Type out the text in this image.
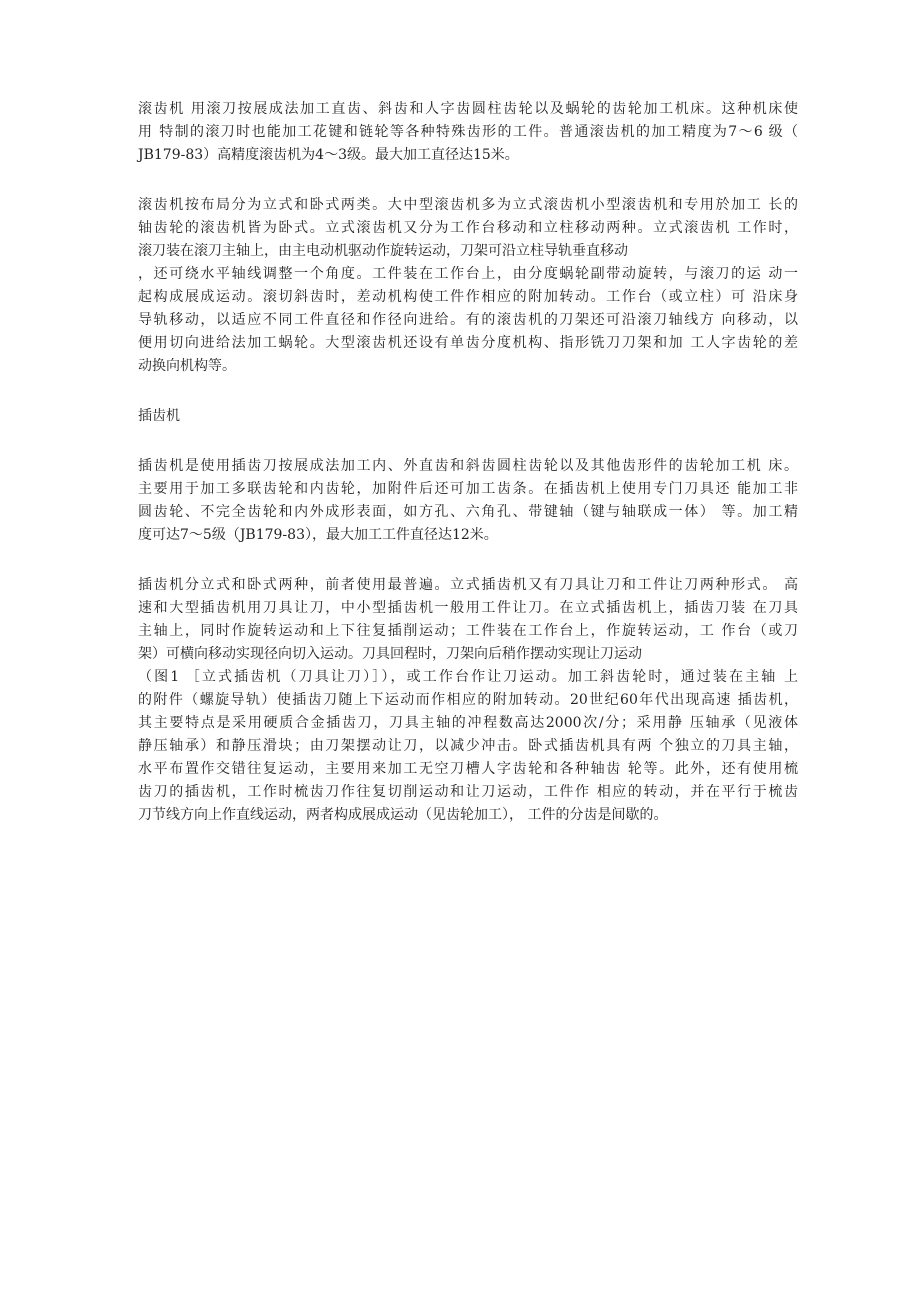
滚齿机 用滚刀按展成法加工直齿、斜齿和人字齿圆柱齿轮以及蜗轮的齿轮加工机床。这种机床使
用 特制的滚刀时也能加工花键和链轮等各种特殊齿形的工件。普通滚齿机的加工精度为7～6 级（
JB179-83）高精度滚齿机为4～3级。最大加工直径达15米。
滚齿机按布局分为立式和卧式两类。大中型滚齿机多为立式滚齿机小型滚齿机和专用於加工 长的
轴齿轮的滚齿机皆为卧式。立式滚齿机又分为工作台移动和立柱移动两种。立式滚齿机 工作时，
滚刀装在滚刀主轴上，由主电动机驱动作旋转运动，刀架可沿立柱导轨垂直移动
，还可绕水平轴线调整一个角度。工件装在工作台上，由分度蜗轮副带动旋转，与滚刀的运 动一
起构成展成运动。滚切斜齿时，差动机构使工件作相应的附加转动。工作台（或立柱）可 沿床身
导轨移动，以适应不同工件直径和作径向进给。有的滚齿机的刀架还可沿滚刀轴线方 向移动，以
便用切向进给法加工蜗轮。大型滚齿机还设有单齿分度机构、指形铣刀刀架和加 工人字齿轮的差
动换向机构等。
插齿机
插齿机是使用插齿刀按展成法加工内、外直齿和斜齿圆柱齿轮以及其他齿形件的齿轮加工机 床。
主要用于加工多联齿轮和内齿轮，加附件后还可加工齿条。在插齿机上使用专门刀具还 能加工非
圆齿轮、不完全齿轮和内外成形表面，如方孔、六角孔、带键轴（键与轴联成一体） 等。加工精
度可达7～5级（JB179-83），最大加工工件直径达12米。
插齿机分立式和卧式两种，前者使用最普遍。立式插齿机又有刀具让刀和工件让刀两种形式。 高
速和大型插齿机用刀具让刀，中小型插齿机一般用工件让刀。在立式插齿机上，插齿刀装 在刀具
主轴上，同时作旋转运动和上下往复插削运动；工件装在工作台上，作旋转运动，工 作台（或刀
架）可横向移动实现径向切入运动。刀具回程时，刀架向后稍作摆动实现让刀运动
（图1 ［立式插齿机（刀具让刀）］），或工作台作让刀运动。加工斜齿轮时，通过装在主轴 上
的附件（螺旋导轨）使插齿刀随上下运动而作相应的附加转动。20世纪60年代出现高速 插齿机，
其主要特点是采用硬质合金插齿刀，刀具主轴的冲程数高达2000次/分；采用静 压轴承（见液体
静压轴承）和静压滑块；由刀架摆动让刀，以减少冲击。卧式插齿机具有两 个独立的刀具主轴，
水平布置作交错往复运动，主要用来加工无空刀槽人字齿轮和各种轴齿 轮等。此外，还有使用梳
齿刀的插齿机，工作时梳齿刀作往复切削运动和让刀运动，工件作 相应的转动，并在平行于梳齿
刀节线方向上作直线运动，两者构成展成运动（见齿轮加工）， 工件的分齿是间歇的。
